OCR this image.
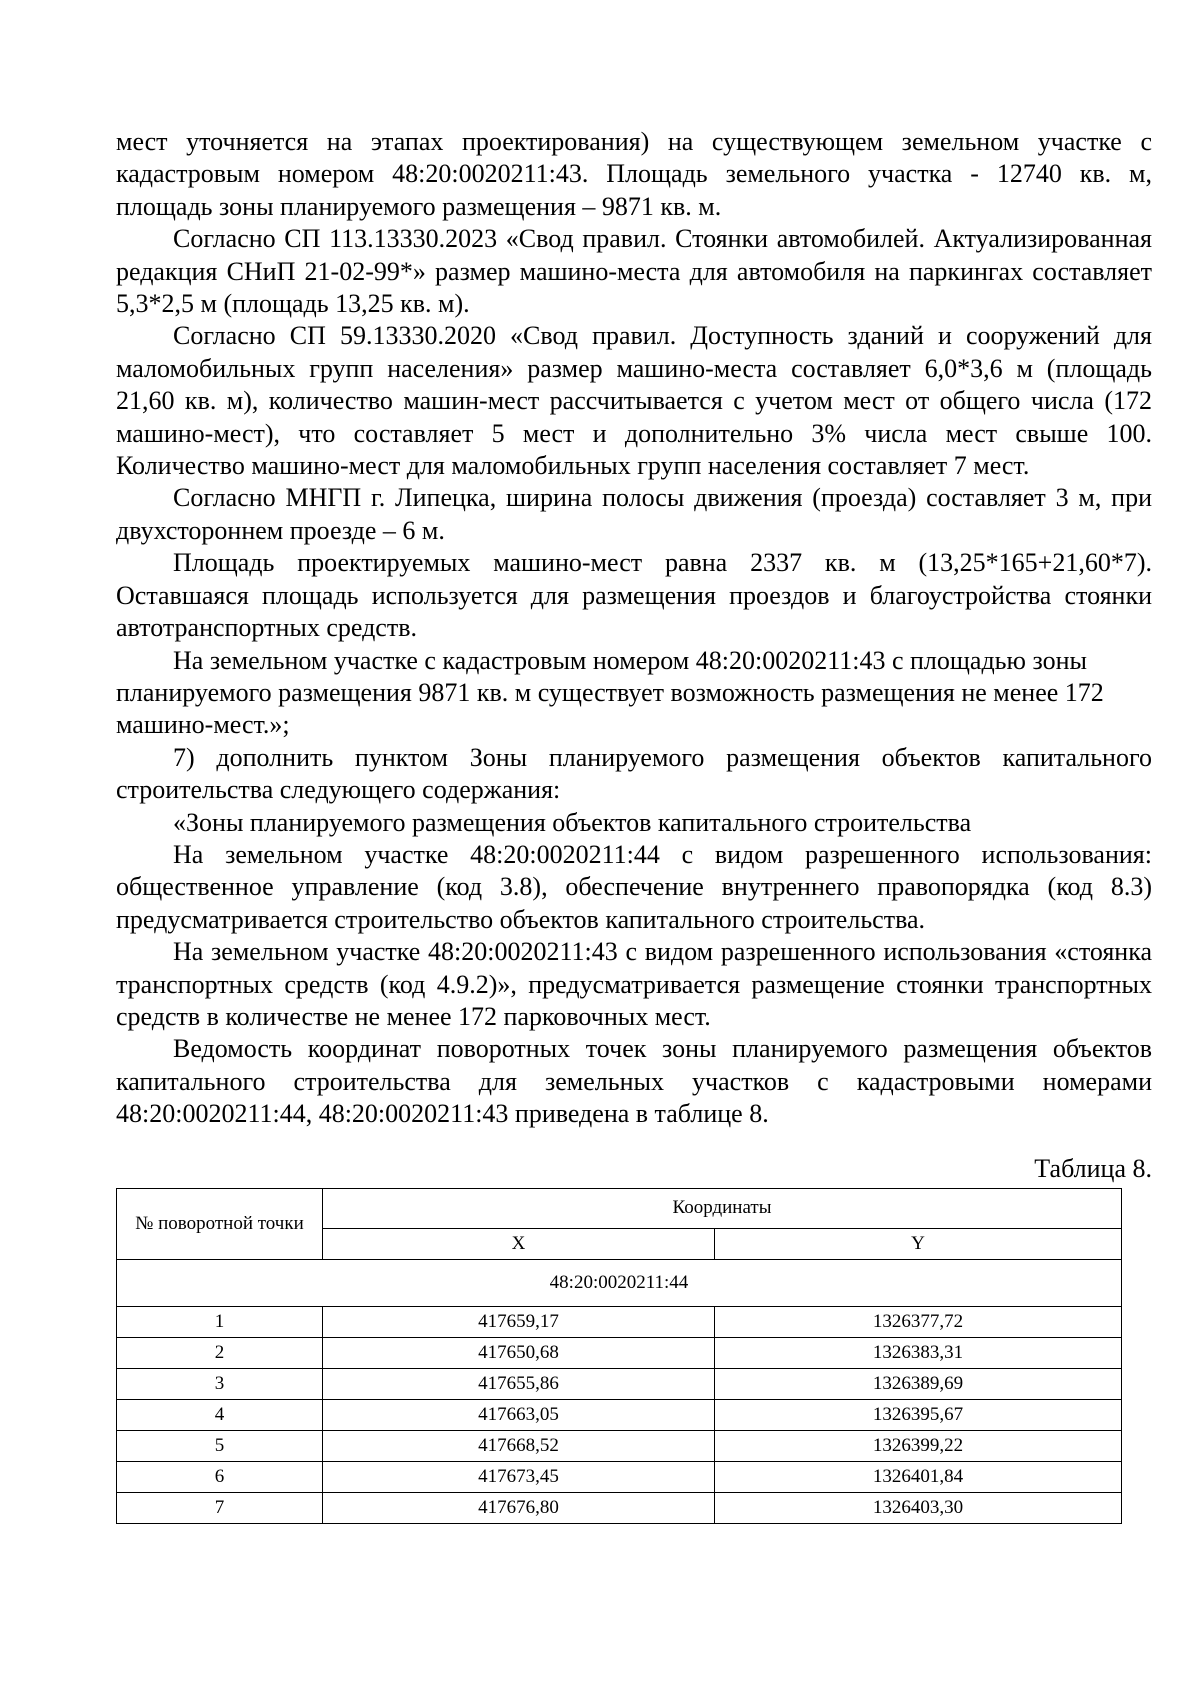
мест уточняется на этапах проектирования) на существующем земельном участке с кадастровым номером 48:20:0020211:43. Площадь земельного участка - 12740 кв. м, площадь зоны планируемого размещения – 9871 кв. м.

Согласно СП 113.13330.2023 «Свод правил. Стоянки автомобилей. Актуализированная редакция СНиП 21-02-99*» размер машино-места для автомобиля на паркингах составляет 5,3*2,5 м (площадь 13,25 кв. м).

Согласно СП 59.13330.2020 «Свод правил. Доступность зданий и сооружений для маломобильных групп населения» размер машино-места составляет 6,0*3,6 м (площадь 21,60 кв. м), количество машин-мест рассчитывается с учетом мест от общего числа (172 машино-мест), что составляет 5 мест и дополнительно 3% числа мест свыше 100. Количество машино-мест для маломобильных групп населения составляет 7 мест.

Согласно МНГП г. Липецка, ширина полосы движения (проезда) составляет 3 м, при двухстороннем проезде – 6 м.

Площадь проектируемых машино-мест равна 2337 кв. м (13,25*165+21,60*7). Оставшаяся площадь используется для размещения проездов и благоустройства стоянки автотранспортных средств.

На земельном участке с кадастровым номером 48:20:0020211:43 с площадью зоны планируемого размещения 9871 кв. м существует возможность размещения не менее 172 машино-мест.»;

7) дополнить пунктом Зоны планируемого размещения объектов капитального строительства следующего содержания:

«Зоны планируемого размещения объектов капитального строительства

На земельном участке 48:20:0020211:44 с видом разрешенного использования: общественное управление (код 3.8), обеспечение внутреннего правопорядка (код 8.3) предусматривается строительство объектов капитального строительства.

На земельном участке 48:20:0020211:43 с видом разрешенного использования «стоянка транспортных средств (код 4.9.2)», предусматривается размещение стоянки транспортных средств в количестве не менее 172 парковочных мест.

Ведомость координат поворотных точек зоны планируемого размещения объектов капитального строительства для земельных участков с кадастровыми номерами 48:20:0020211:44, 48:20:0020211:43 приведена в таблице 8.

Таблица 8.
№ поворотной точки	Координаты	
	X	Y
48:20:0020211:44		
1	417659,17	1326377,72
2	417650,68	1326383,31
3	417655,86	1326389,69
4	417663,05	1326395,67
5	417668,52	1326399,22
6	417673,45	1326401,84
7	417676,80	1326403,30
